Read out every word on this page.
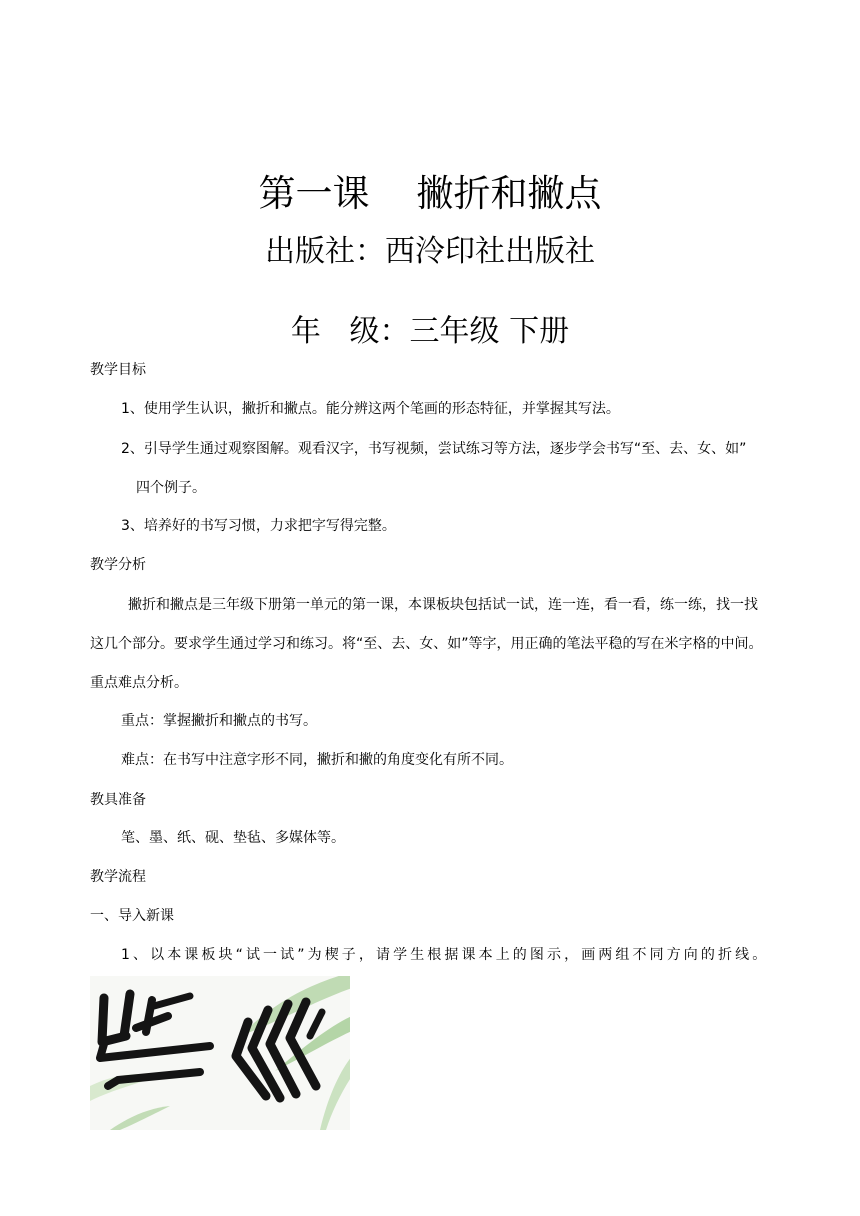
第一课    撇折和撇点
出版社：西泠印社出版社
年   级：三年级 下册
教学目标
1、使用学生认识，撇折和撇点。能分辨这两个笔画的形态特征，并掌握其写法。
2、引导学生通过观察图解。观看汉字，书写视频，尝试练习等方法，逐步学会书写“至、去、女、如”
四个例子。
3、培养好的书写习惯，力求把字写得完整。
教学分析
撇折和撇点是三年级下册第一单元的第一课，本课板块包括试一试，连一连，看一看，练一练，找一找
这几个部分。要求学生通过学习和练习。将“至、去、女、如”等字，用正确的笔法平稳的写在米字格的中间。
重点难点分析。
重点：掌握撇折和撇点的书写。
难点：在书写中注意字形不同，撇折和撇的角度变化有所不同。
教具准备
笔、墨、纸、砚、垫毡、多媒体等。
教学流程
一、导入新课
1、以本课板块“试一试”为楔子，请学生根据课本上的图示，画两组不同方向的折线。
